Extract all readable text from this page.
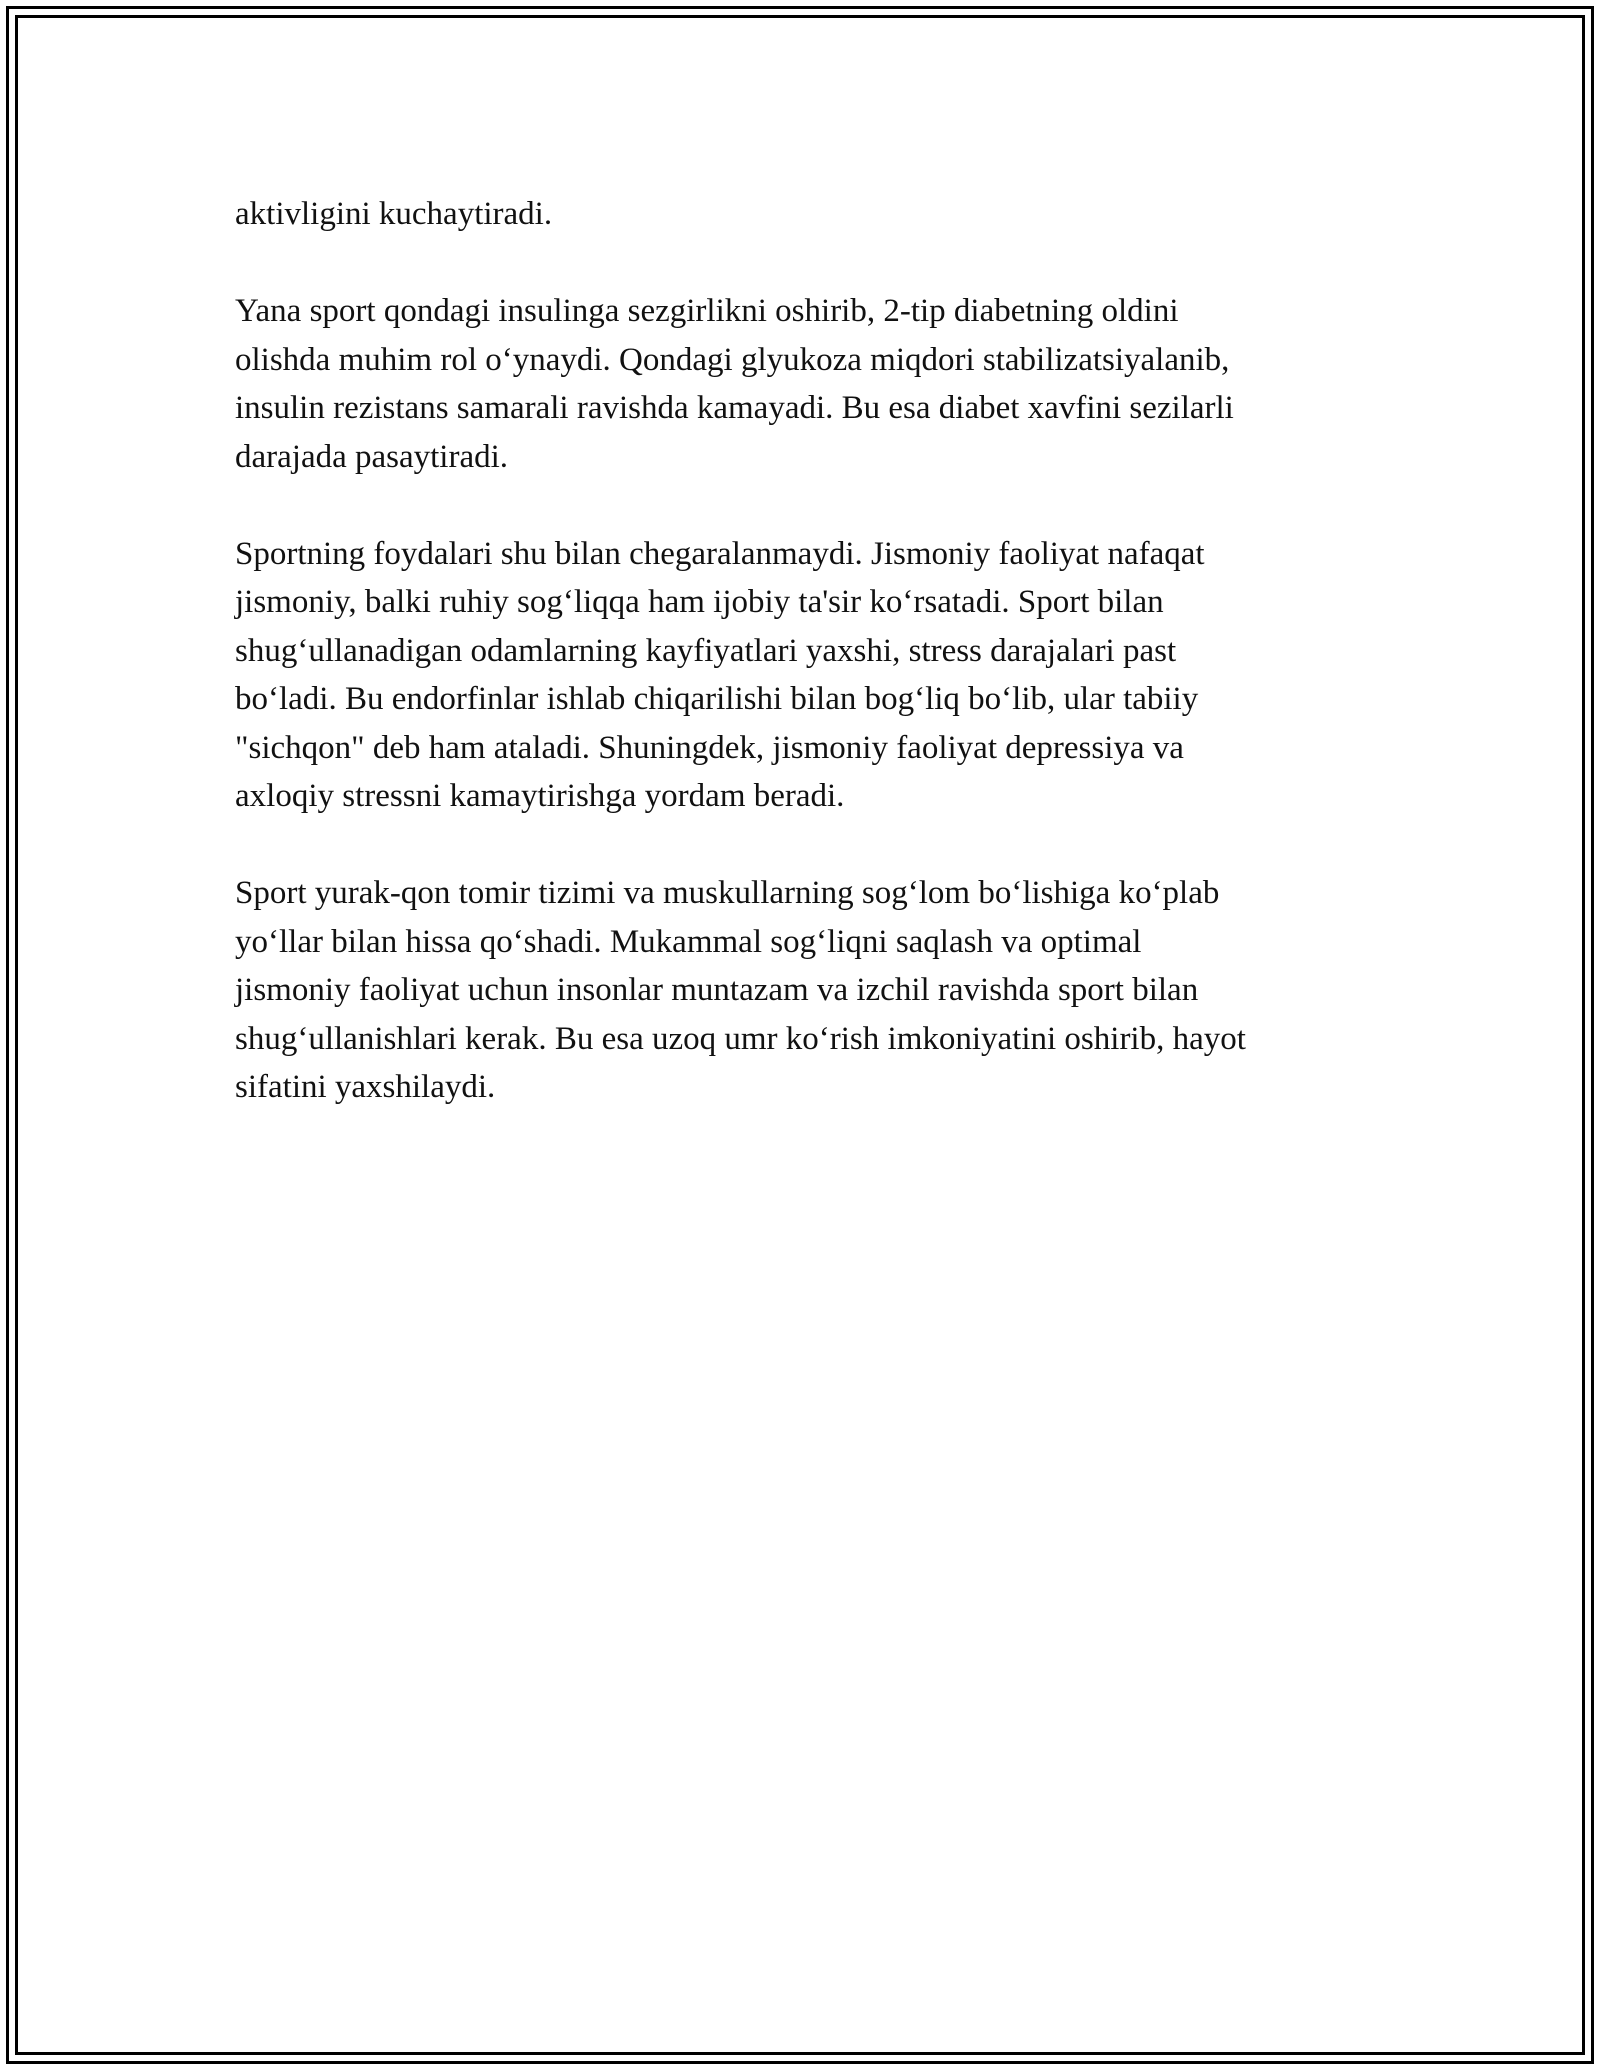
aktivligini kuchaytiradi.

Yana sport qondagi insulinga sezgirlikni oshirib, 2-tip diabetning oldini
olishda muhim rol o‘ynaydi. Qondagi glyukoza miqdori stabilizatsiyalanib,
insulin rezistans samarali ravishda kamayadi. Bu esa diabet xavfini sezilarli
darajada pasaytiradi.

Sportning foydalari shu bilan chegaralanmaydi. Jismoniy faoliyat nafaqat
jismoniy, balki ruhiy sog‘liqqa ham ijobiy ta'sir ko‘rsatadi. Sport bilan
shug‘ullanadigan odamlarning kayfiyatlari yaxshi, stress darajalari past
bo‘ladi. Bu endorfinlar ishlab chiqarilishi bilan bog‘liq bo‘lib, ular tabiiy
"sichqon" deb ham ataladi. Shuningdek, jismoniy faoliyat depressiya va
axloqiy stressni kamaytirishga yordam beradi.

Sport yurak-qon tomir tizimi va muskullarning sog‘lom bo‘lishiga ko‘plab
yo‘llar bilan hissa qo‘shadi. Mukammal sog‘liqni saqlash va optimal
jismoniy faoliyat uchun insonlar muntazam va izchil ravishda sport bilan
shug‘ullanishlari kerak. Bu esa uzoq umr ko‘rish imkoniyatini oshirib, hayot
sifatini yaxshilaydi.
